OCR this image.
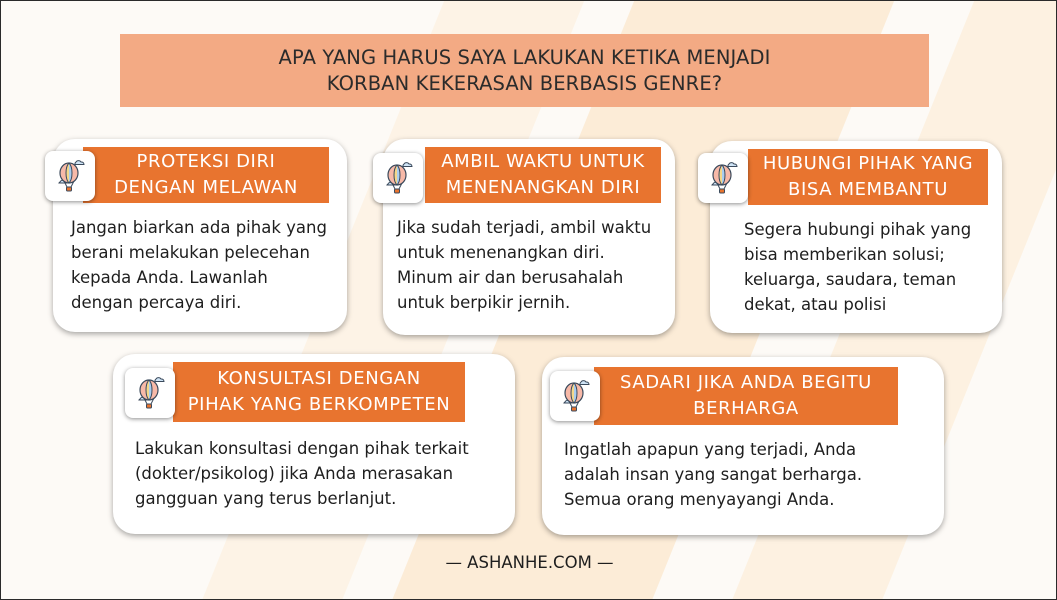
APA YANG HARUS SAYA LAKUKAN KETIKA MENJADI
KORBAN KEKERASAN BERBASIS GENRE?
PROTEKSI DIRI
DENGAN MELAWAN
Jangan biarkan ada pihak yang
berani melakukan pelecehan
kepada Anda. Lawanlah
dengan percaya diri.
AMBIL WAKTU UNTUK
MENENANGKAN DIRI
Jika sudah terjadi, ambil waktu
untuk menenangkan diri.
Minum air dan berusahalah
untuk berpikir jernih.
HUBUNGI PIHAK YANG
BISA MEMBANTU
Segera hubungi pihak yang
bisa memberikan solusi;
keluarga, saudara, teman
dekat, atau polisi
KONSULTASI DENGAN
PIHAK YANG BERKOMPETEN
Lakukan konsultasi dengan pihak terkait
(dokter/psikolog) jika Anda merasakan
gangguan yang terus berlanjut.
SADARI JIKA ANDA BEGITU
BERHARGA
Ingatlah apapun yang terjadi, Anda
adalah insan yang sangat berharga.
Semua orang menyayangi Anda.
— ASHANHE.COM —
